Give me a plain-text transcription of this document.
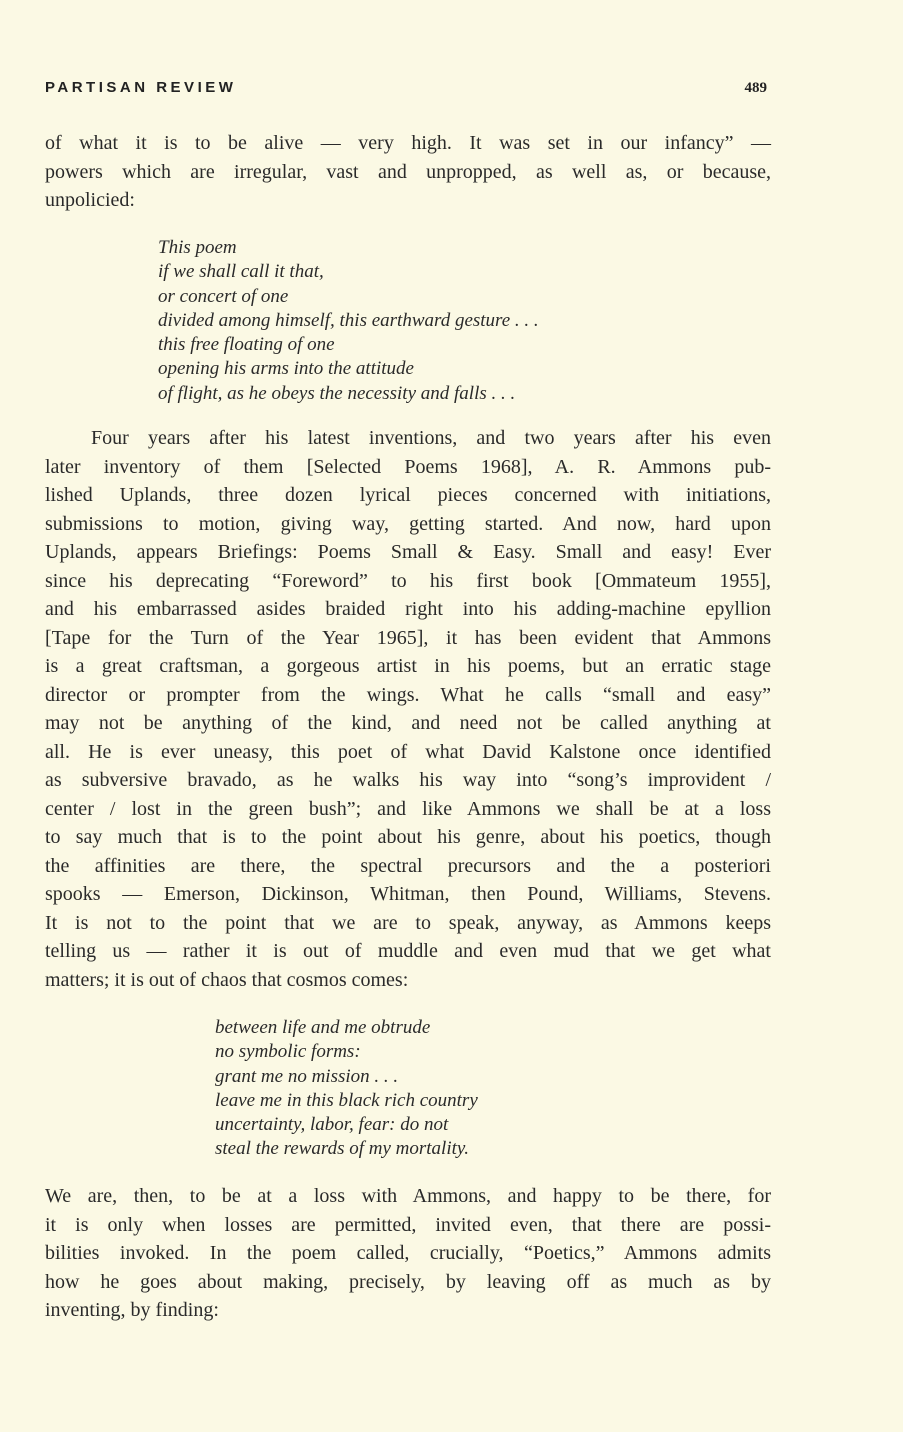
PARTISAN REVIEW	489

of what it is to be alive — very high. It was set in our infancy” —
powers which are irregular, vast and unpropped, as well as, or because,
unpolicied:

This poem
if we shall call it that,
or concert of one
divided among himself, this earthward gesture . . .
this free floating of one
opening his arms into the attitude
of flight, as he obeys the necessity and falls . . .

Four years after his latest inventions, and two years after his even
later inventory of them [Selected Poems 1968], A. R. Ammons pub-
lished Uplands, three dozen lyrical pieces concerned with initiations,
submissions to motion, giving way, getting started. And now, hard upon
Uplands, appears Briefings: Poems Small & Easy. Small and easy! Ever
since his deprecating “Foreword” to his first book [Ommateum 1955],
and his embarrassed asides braided right into his adding-machine epyllion
[Tape for the Turn of the Year 1965], it has been evident that Ammons
is a great craftsman, a gorgeous artist in his poems, but an erratic stage
director or prompter from the wings. What he calls “small and easy”
may not be anything of the kind, and need not be called anything at
all. He is ever uneasy, this poet of what David Kalstone once identified
as subversive bravado, as he walks his way into “song’s improvident /
center / lost in the green bush”; and like Ammons we shall be at a loss
to say much that is to the point about his genre, about his poetics, though
the affinities are there, the spectral precursors and the a posteriori
spooks — Emerson, Dickinson, Whitman, then Pound, Williams, Stevens.
It is not to the point that we are to speak, anyway, as Ammons keeps
telling us — rather it is out of muddle and even mud that we get what
matters; it is out of chaos that cosmos comes:

between life and me obtrude
no symbolic forms:
grant me no mission . . .
leave me in this black rich country
uncertainty, labor, fear: do not
steal the rewards of my mortality.

We are, then, to be at a loss with Ammons, and happy to be there, for
it is only when losses are permitted, invited even, that there are possi-
bilities invoked. In the poem called, crucially, “Poetics,” Ammons admits
how he goes about making, precisely, by leaving off as much as by
inventing, by finding:
